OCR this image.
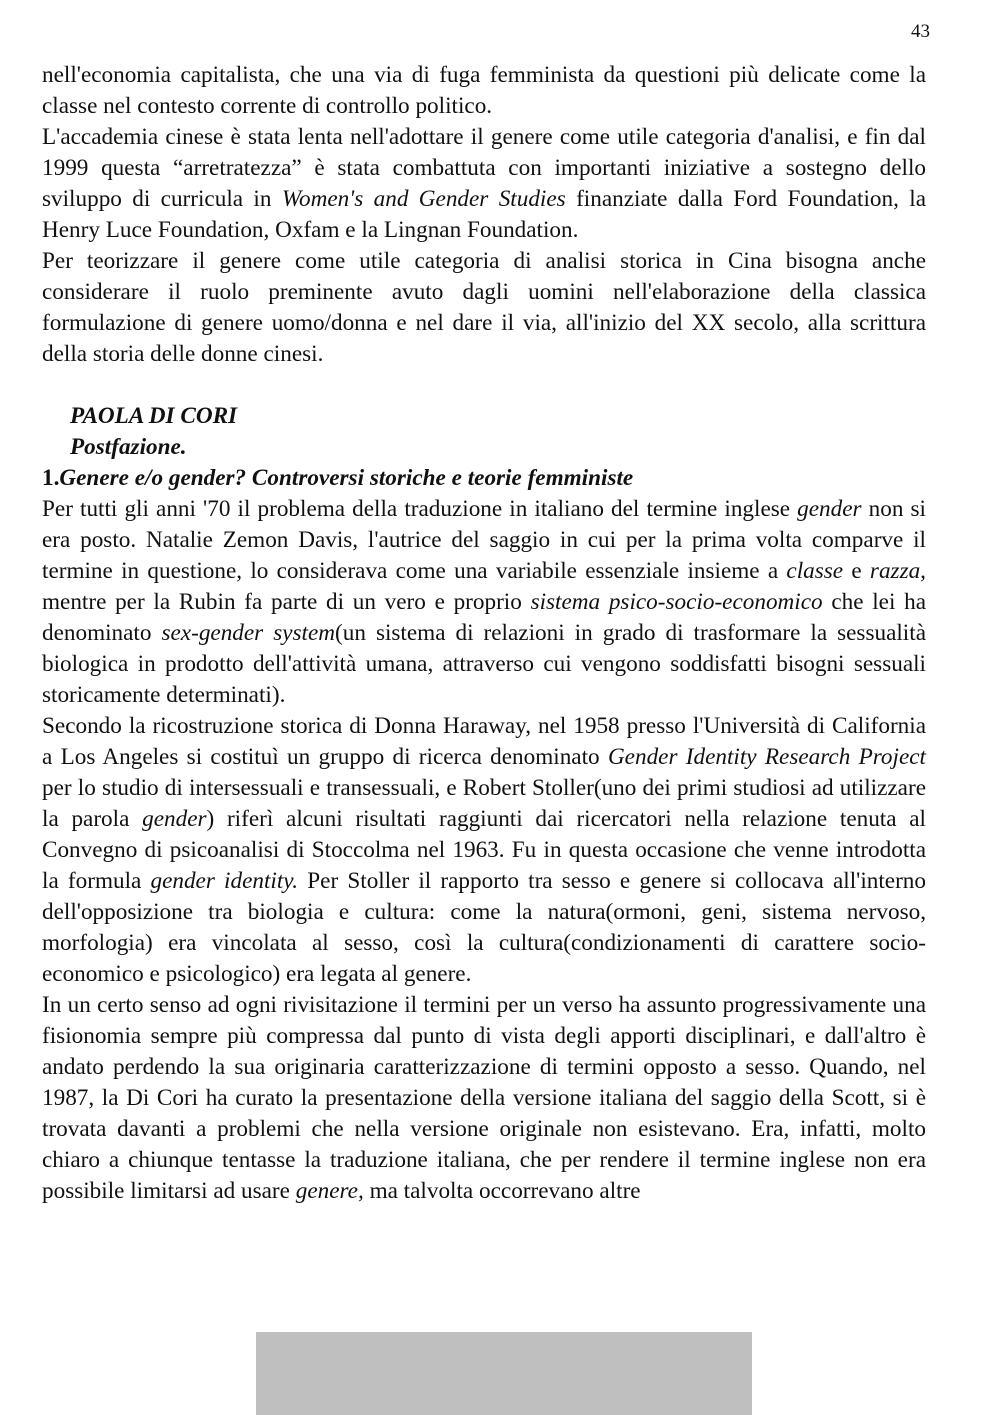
43

nell'economia capitalista, che una via di fuga femminista da questioni più delicate come la classe nel contesto corrente di controllo politico.

L'accademia cinese è stata lenta nell'adottare il genere come utile categoria d'analisi, e fin dal 1999 questa “arretratezza” è stata combattuta con importanti iniziative a sostegno dello sviluppo di curricula in Women's and Gender Studies finanziate dalla Ford Foundation, la Henry Luce Foundation, Oxfam e la Lingnan Foundation.

Per teorizzare il genere come utile categoria di analisi storica in Cina bisogna anche considerare il ruolo preminente avuto dagli uomini nell'elaborazione della classica formulazione di genere uomo/donna e nel dare il via, all'inizio del XX secolo, alla scrittura della storia delle donne cinesi.

PAOLA DI CORI

Postfazione.

1.Genere e/o gender? Controversi storiche e teorie femministe

Per tutti gli anni '70 il problema della traduzione in italiano del termine inglese gender non si era posto. Natalie Zemon Davis, l'autrice del saggio in cui per la prima volta comparve il termine in questione, lo considerava come una variabile essenziale insieme a classe e razza, mentre per la Rubin fa parte di un vero e proprio sistema psico-socio-economico che lei ha denominato sex-gender system(un sistema di relazioni in grado di trasformare la sessualità biologica in prodotto dell'attività umana, attraverso cui vengono soddisfatti bisogni sessuali storicamente determinati).

Secondo la ricostruzione storica di Donna Haraway, nel 1958 presso l'Università di California a Los Angeles si costituì un gruppo di ricerca denominato Gender Identity Research Project per lo studio di intersessuali e transessuali, e Robert Stoller(uno dei primi studiosi ad utilizzare la parola gender) riferì alcuni risultati raggiunti dai ricercatori nella relazione tenuta al Convegno di psicoanalisi di Stoccolma nel 1963. Fu in questa occasione che venne introdotta la formula gender identity. Per Stoller il rapporto tra sesso e genere si collocava all'interno dell'opposizione tra biologia e cultura: come la natura(ormoni, geni, sistema nervoso, morfologia) era vincolata al sesso, così la cultura(condizionamenti di carattere socio-economico e psicologico) era legata al genere.

In un certo senso ad ogni rivisitazione il termini per un verso ha assunto progressivamente una fisionomia sempre più compressa dal punto di vista degli apporti disciplinari, e dall'altro è andato perdendo la sua originaria caratterizzazione di termini opposto a sesso. Quando, nel 1987, la Di Cori ha curato la presentazione della versione italiana del saggio della Scott, si è trovata davanti a problemi che nella versione originale non esistevano. Era, infatti, molto chiaro a chiunque tentasse la traduzione italiana, che per rendere il termine inglese non era possibile limitarsi ad usare genere, ma talvolta occorrevano altre
